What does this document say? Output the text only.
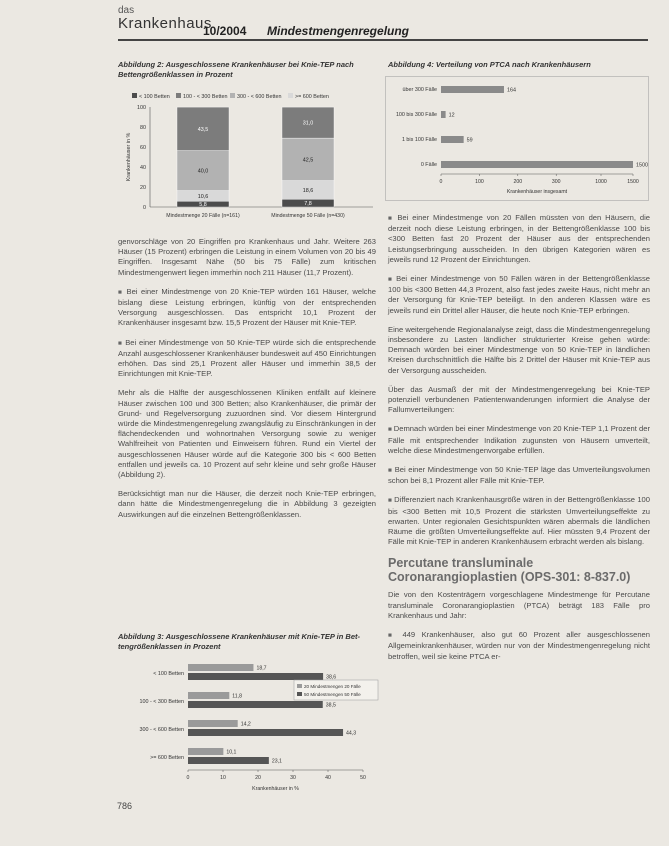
das
Krankenhaus
10/2004 Mindestmengenregelung
Abbildung 2: Ausgeschlossene Krankenhäuser bei Knie-TEP nach
Bettengrößenklassen in Prozent
< 100 Betten 100 - < 300 Betten 300 - < 600 Betten >= 600 Betten
0
20
40
60
80
100
Krankenhäuser in %
5,8
10,6
40,0
43,5
Mindestmenge 20 Fälle (n=161)
7,8
18,6
42,5
31,0
Mindestmenge 50 Fälle (n=430)
Abbildung 4: Verteilung von PTCA nach Krankenhäusern
über 300 Fälle	164
100 bis 300 Fälle 12
1 bis 100 Fälle	59
0 Fälle	1500
0	100	200	300	1000	1500
Krankenhäuser insgesamt

genvorschläge von 20 Eingriffen pro Krankenhaus und Jahr. Weitere 263 Häuser (15 Prozent) erbringen die Leistung in einem Volumen von 20 bis 49 Eingriffen. Insgesamt Nähe (50 bis 75 Fälle) zum kritischen Mindestmengenwert liegen immerhin noch 211 Häuser (11,7 Prozent).

■ Bei einer Mindestmenge von 20 Knie-TEP würden 161 Häuser, welche bislang diese Leistung erbringen, künftig von der entsprechenden Versorgung ausgeschlossen. Das entspricht 10,1 Prozent der Krankenhäuser insgesamt bzw. 15,5 Prozent der Häuser mit Knie-TEP.

■ Bei einer Mindestmenge von 50 Knie-TEP würde sich die entsprechende Anzahl ausgeschlossener Krankenhäuser bundesweit auf 450 Einrichtungen erhöhen. Das sind 25,1 Prozent aller Häuser und immerhin 38,5 der Einrichtungen mit Knie-TEP.

Mehr als die Hälfte der ausgeschlossenen Kliniken entfällt auf kleinere Häuser zwischen 100 und 300 Betten; also Krankenhäuser, die primär der Grund- und Regelversorgung zuzuordnen sind. Vor diesem Hintergrund würde die Mindestmengenregelung zwangsläufig zu Einschränkungen in der flächendeckenden und wohnortnahen Versorgung sowie zu weniger Wahlfreiheit von Patienten und Einweisern führen. Rund ein Viertel der ausgeschlossenen Häuser würde auf die Kategorie 300 bis < 600 Betten entfallen und jeweils ca. 10 Prozent auf sehr kleine und sehr große Häuser (Abbildung 2).

Berücksichtigt man nur die Häuser, die derzeit noch Knie-TEP erbringen, dann hätte die Mindestmengenregelung die in Abbildung 3 gezeigten Auswirkungen auf die einzelnen Bettengrößenklassen.

Abbildung 3: Ausgeschlossene Krankenhäuser mit Knie-TEP in Bet-
tengrößenklassen in Prozent
< 100 Betten
18,7
38,6
100 - < 300 Betten
11,8
38,5
300 - < 600 Betten
14,2
44,3
>= 600 Betten
10,1
23,1
20 Mindestmengen 20 Fälle
50 Mindestmengen 50 Fälle
0	10	20	30	40	50
Krankenhäuser in %
786

■ Bei einer Mindestmenge von 20 Fällen müssten von den Häusern, die derzeit noch diese Leistung erbringen, in der Bettengrößenklasse 100 bis <300 Betten fast 20 Prozent der Häuser aus der entsprechenden Leistungserbringung ausscheiden. In den übrigen Kategorien wären es jeweils rund 12 Prozent der Einrichtungen.

■ Bei einer Mindestmenge von 50 Fällen wären in der Bettengrößenklasse 100 bis <300 Betten 44,3 Prozent, also fast jedes zweite Haus, nicht mehr an der Versorgung für Knie-TEP beteiligt. In den anderen Klassen wäre es jeweils rund ein Drittel aller Häuser, die heute noch Knie-TEP erbringen.

Eine weitergehende Regionalanalyse zeigt, dass die Mindestmengenregelung insbesondere zu Lasten ländlicher strukturierter Kreise gehen würde: Demnach würden bei einer Mindestmenge von 50 Knie-TEP in ländlichen Kreisen durchschnittlich die Hälfte bis 2 Drittel der Häuser mit Knie-TEP aus der Versorgung ausscheiden.

Über das Ausmaß der mit der Mindestmengenregelung bei Knie-TEP potenziell verbundenen Patientenwanderungen informiert die Analyse der Fallumverteilungen:

■ Demnach würden bei einer Mindestmenge von 20 Knie-TEP 1,1 Prozent der Fälle mit entsprechender Indikation zugunsten von Häusern umverteilt, welche diese Mindestmengenvorgabe erfüllen.

■ Bei einer Mindestmenge von 50 Knie-TEP läge das Umverteilungsvolumen schon bei 8,1 Prozent aller Fälle mit Knie-TEP.

■ Differenziert nach Krankenhausgröße wären in der Bettengrößenklasse 100 bis <300 Betten mit 10,5 Prozent die stärksten Umverteilungseffekte zu erwarten. Unter regionalen Gesichtspunkten wären abermals die ländlichen Räume die größten Umverteilungseffekte auf. Hier müssten 9,4 Prozent der Fälle mit Knie-TEP in anderen Krankenhäusern erbracht werden als bislang.

Percutane transluminale Coronarangioplastien (OPS-301: 8-837.0)

Die von den Kostenträgern vorgeschlagene Mindestmenge für Percutane transluminale Coronarangioplastien (PTCA) beträgt 183 Fälle pro Krankenhaus und Jahr:

■ 449 Krankenhäuser, also gut 60 Prozent aller ausgeschlossenen Allgemeinkrankenhäuser, würden nur von der Mindestmengenregelung nicht betroffen, weil sie keine PTCA er-
